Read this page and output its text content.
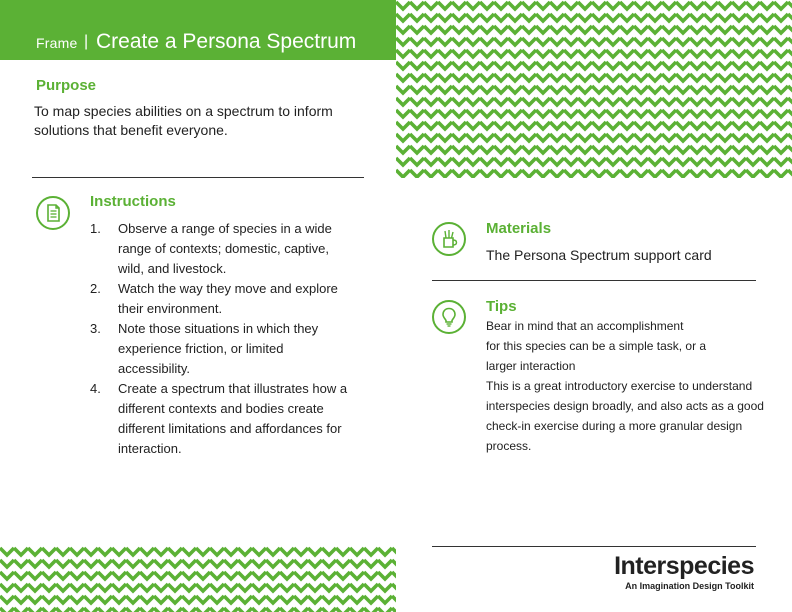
Frame | Create a Persona Spectrum
Purpose
To map species abilities on a spectrum to inform solutions that benefit everyone.
Instructions
1. Observe a range of species in a wide range of contexts; domestic, captive, wild, and livestock.
2. Watch the way they move and explore their environment.
3. Note those situations in which they experience friction, or limited accessibility.
4. Create a spectrum that illustrates how a different contexts and bodies create different limitations and affordances for interaction.
Materials
The Persona Spectrum support card
Tips
Bear in mind that an accomplishment
for this species can be a simple task, or a
larger interaction
This is a great introductory exercise to understand
interspecies design broadly, and also acts as a good
check-in exercise during a more granular design
process.
Interspecies
An Imagination Design Toolkit
